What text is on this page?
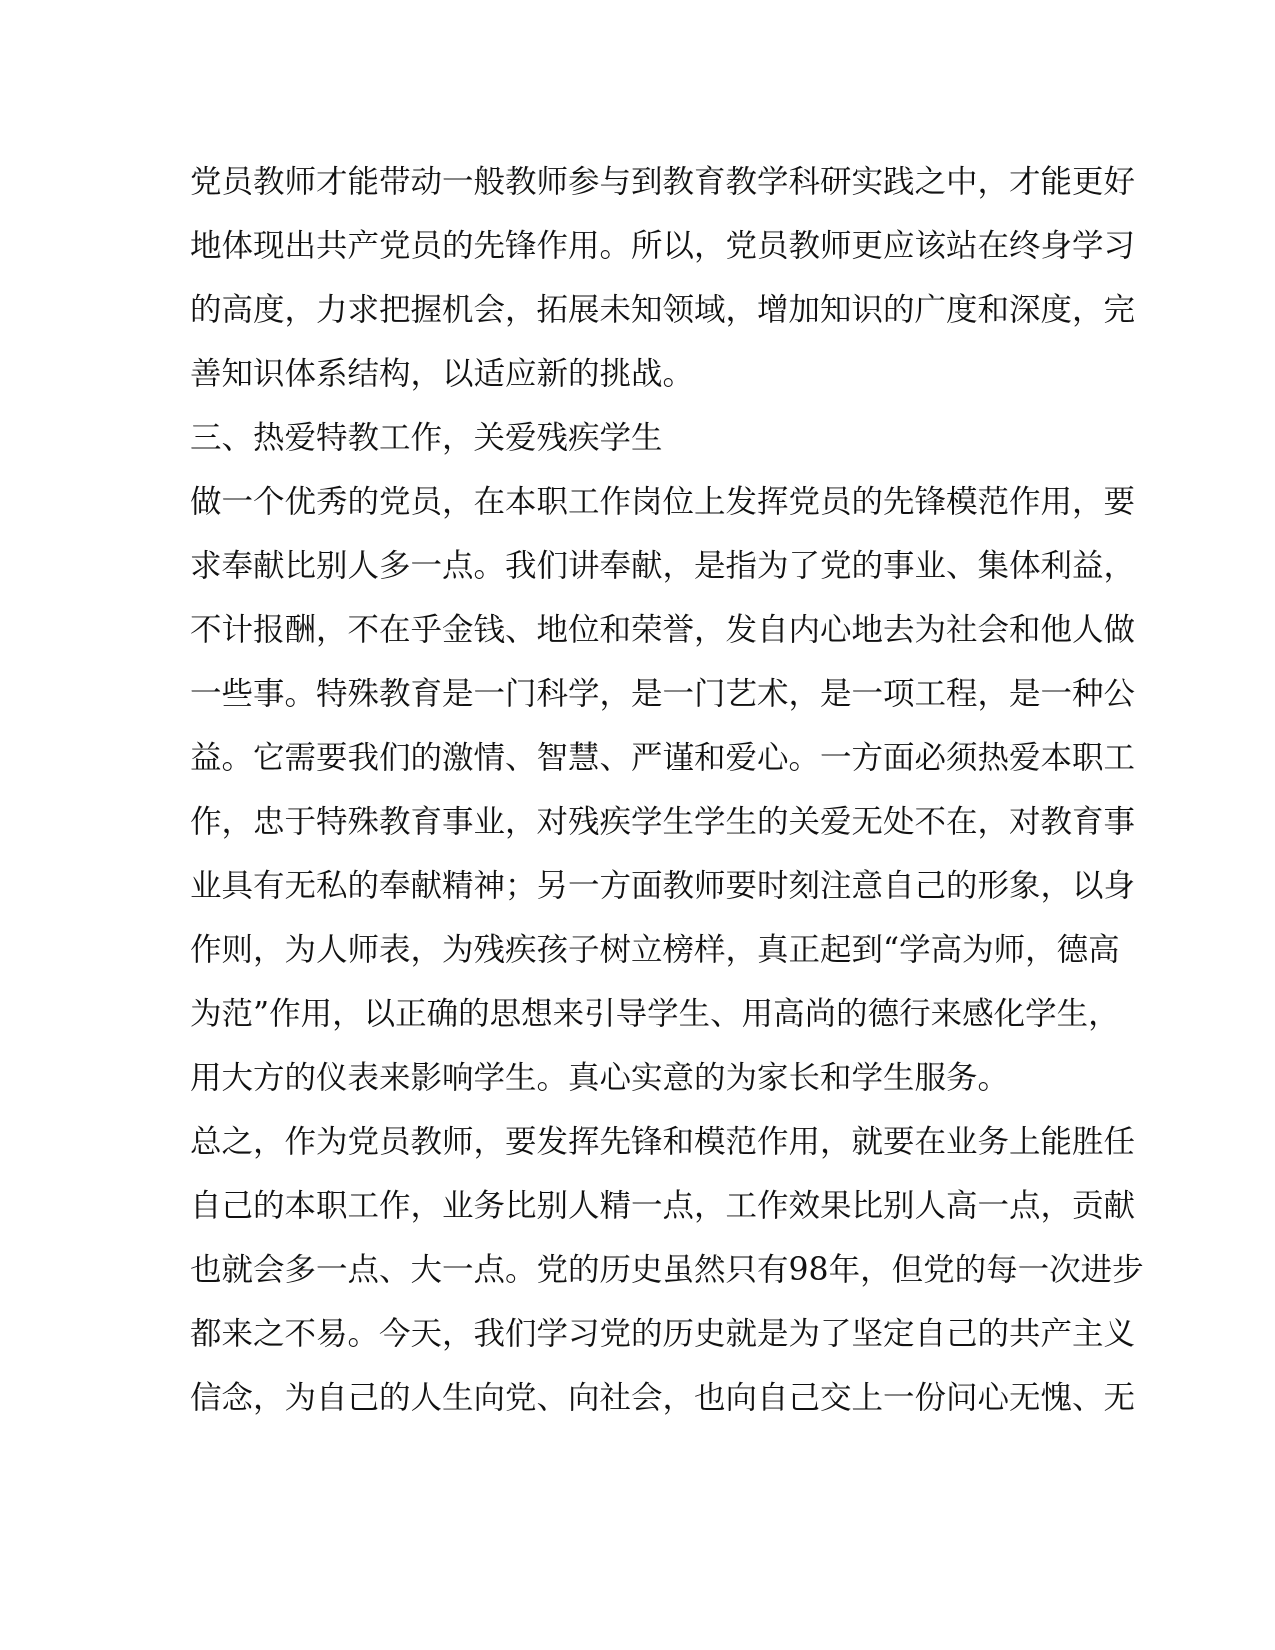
党员教师才能带动一般教师参与到教育教学科研实践之中，才能更好
地体现出共产党员的先锋作用。所以，党员教师更应该站在终身学习
的高度，力求把握机会，拓展未知领域，增加知识的广度和深度，完
善知识体系结构，以适应新的挑战。
三、热爱特教工作，关爱残疾学生
做一个优秀的党员，在本职工作岗位上发挥党员的先锋模范作用，要
求奉献比别人多一点。我们讲奉献，是指为了党的事业、集体利益，
不计报酬，不在乎金钱、地位和荣誉，发自内心地去为社会和他人做
一些事。特殊教育是一门科学，是一门艺术，是一项工程，是一种公
益。它需要我们的激情、智慧、严谨和爱心。一方面必须热爱本职工
作，忠于特殊教育事业，对残疾学生学生的关爱无处不在，对教育事
业具有无私的奉献精神；另一方面教师要时刻注意自己的形象，以身
作则，为人师表，为残疾孩子树立榜样，真正起到“学高为师，德高
为范”作用，以正确的思想来引导学生、用高尚的德行来感化学生，
用大方的仪表来影响学生。真心实意的为家长和学生服务。
总之，作为党员教师，要发挥先锋和模范作用，就要在业务上能胜任
自己的本职工作，业务比别人精一点，工作效果比别人高一点，贡献
也就会多一点、大一点。党的历史虽然只有98年，但党的每一次进步
都来之不易。今天，我们学习党的历史就是为了坚定自己的共产主义
信念，为自己的人生向党、向社会，也向自己交上一份问心无愧、无
